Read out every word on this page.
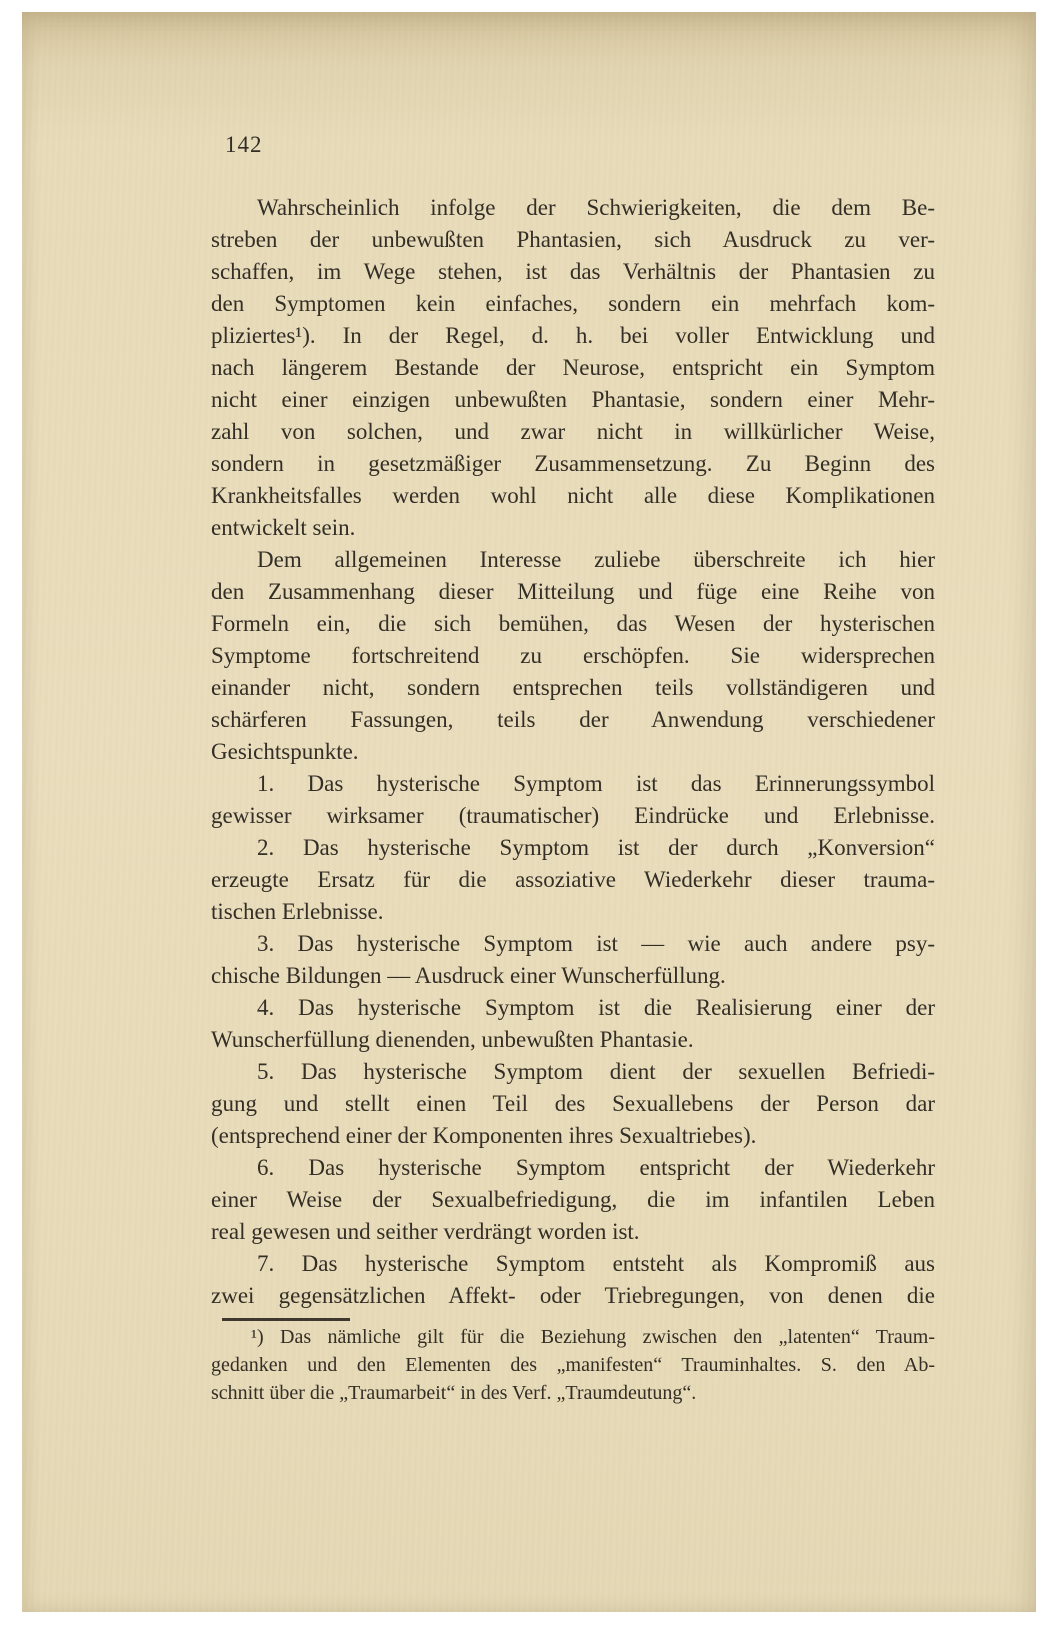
142
Wahrscheinlich infolge der Schwierigkeiten, die dem Be-
streben der unbewußten Phantasien, sich Ausdruck zu ver-
schaffen, im Wege stehen, ist das Verhältnis der Phantasien zu
den Symptomen kein einfaches, sondern ein mehrfach kom-
pliziertes¹). In der Regel, d. h. bei voller Entwicklung und
nach längerem Bestande der Neurose, entspricht ein Symptom
nicht einer einzigen unbewußten Phantasie, sondern einer Mehr-
zahl von solchen, und zwar nicht in willkürlicher Weise,
sondern in gesetzmäßiger Zusammensetzung. Zu Beginn des
Krankheitsfalles werden wohl nicht alle diese Komplikationen
entwickelt sein.
Dem allgemeinen Interesse zuliebe überschreite ich hier
den Zusammenhang dieser Mitteilung und füge eine Reihe von
Formeln ein, die sich bemühen, das Wesen der hysterischen
Symptome fortschreitend zu erschöpfen. Sie widersprechen
einander nicht, sondern entsprechen teils vollständigeren und
schärferen Fassungen, teils der Anwendung verschiedener
Gesichtspunkte.
1. Das hysterische Symptom ist das Erinnerungssymbol
gewisser wirksamer (traumatischer) Eindrücke und Erlebnisse.
2. Das hysterische Symptom ist der durch „Konversion“
erzeugte Ersatz für die assoziative Wiederkehr dieser trauma-
tischen Erlebnisse.
3. Das hysterische Symptom ist — wie auch andere psy-
chische Bildungen — Ausdruck einer Wunscherfüllung.
4. Das hysterische Symptom ist die Realisierung einer der
Wunscherfüllung dienenden, unbewußten Phantasie.
5. Das hysterische Symptom dient der sexuellen Befriedi-
gung und stellt einen Teil des Sexuallebens der Person dar
(entsprechend einer der Komponenten ihres Sexualtriebes).
6. Das hysterische Symptom entspricht der Wiederkehr
einer Weise der Sexualbefriedigung, die im infantilen Leben
real gewesen und seither verdrängt worden ist.
7. Das hysterische Symptom entsteht als Kompromiß aus
zwei gegensätzlichen Affekt- oder Triebregungen, von denen die
¹) Das nämliche gilt für die Beziehung zwischen den „latenten“ Traum-
gedanken und den Elementen des „manifesten“ Trauminhaltes. S. den Ab-
schnitt über die „Traumarbeit“ in des Verf. „Traumdeutung“.
